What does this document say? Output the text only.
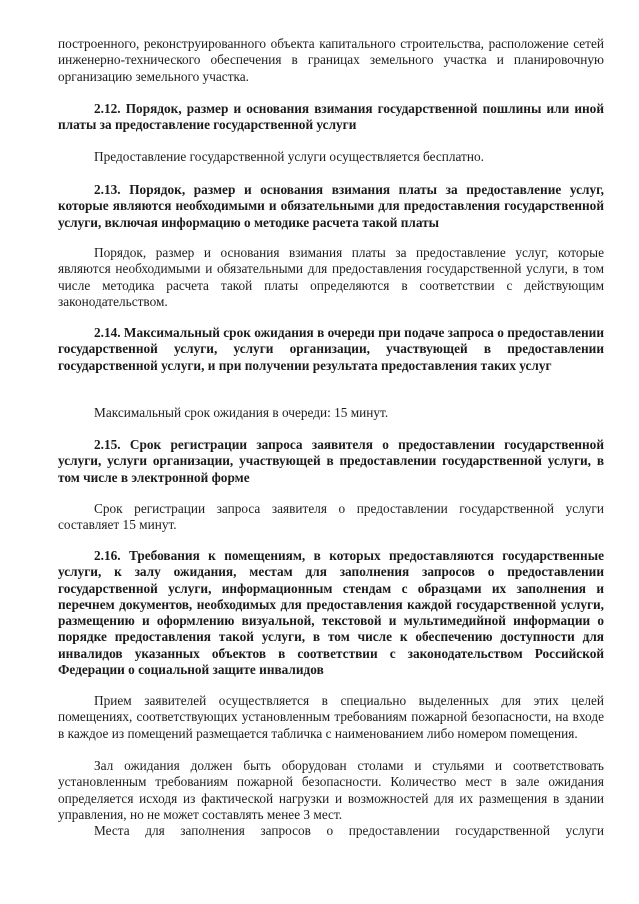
построенного, реконструированного объекта капитального строительства, расположение сетей инженерно-технического обеспечения в границах земельного участка и планировочную организацию земельного участка.

2.12. Порядок, размер и основания взимания государственной пошлины или иной платы за предоставление государственной услуги

Предоставление государственной услуги осуществляется бесплатно.

2.13. Порядок, размер и основания взимания платы за предоставление услуг, которые являются необходимыми и обязательными для предоставления государственной услуги, включая информацию о методике расчета такой платы

Порядок, размер и основания взимания платы за предоставление услуг, которые являются необходимыми и обязательными для предоставления государственной услуги, в том числе методика расчета такой платы определяются в соответствии с действующим законодательством.

2.14. Максимальный срок ожидания в очереди при подаче запроса о предоставлении государственной услуги, услуги организации, участвующей в предоставлении государственной услуги, и при получении результата предоставления таких услуг

Максимальный срок ожидания в очереди: 15 минут.

2.15. Срок регистрации запроса заявителя о предоставлении государственной услуги, услуги организации, участвующей в предоставлении государственной услуги, в том числе в электронной форме

Срок регистрации запроса заявителя о предоставлении государственной услуги составляет 15 минут.

2.16. Требования к помещениям, в которых предоставляются государственные услуги, к залу ожидания, местам для заполнения запросов о предоставлении государственной услуги, информационным стендам с образцами их заполнения и перечнем документов, необходимых для предоставления каждой государственной услуги, размещению и оформлению визуальной, текстовой и мультимедийной информации о порядке предоставления такой услуги, в том числе к обеспечению доступности для инвалидов указанных объектов в соответствии с законодательством Российской Федерации о социальной защите инвалидов

Прием заявителей осуществляется в специально выделенных для этих целей помещениях, соответствующих установленным требованиям пожарной безопасности, на входе в каждое из помещений размещается табличка с наименованием либо номером помещения.

Зал ожидания должен быть оборудован столами и стульями и соответствовать установленным требованиям пожарной безопасности. Количество мест в зале ожидания определяется исходя из фактической нагрузки и возможностей для их размещения в здании управления, но не может составлять менее 3 мест.

Места для заполнения запросов о предоставлении государственной услуги
